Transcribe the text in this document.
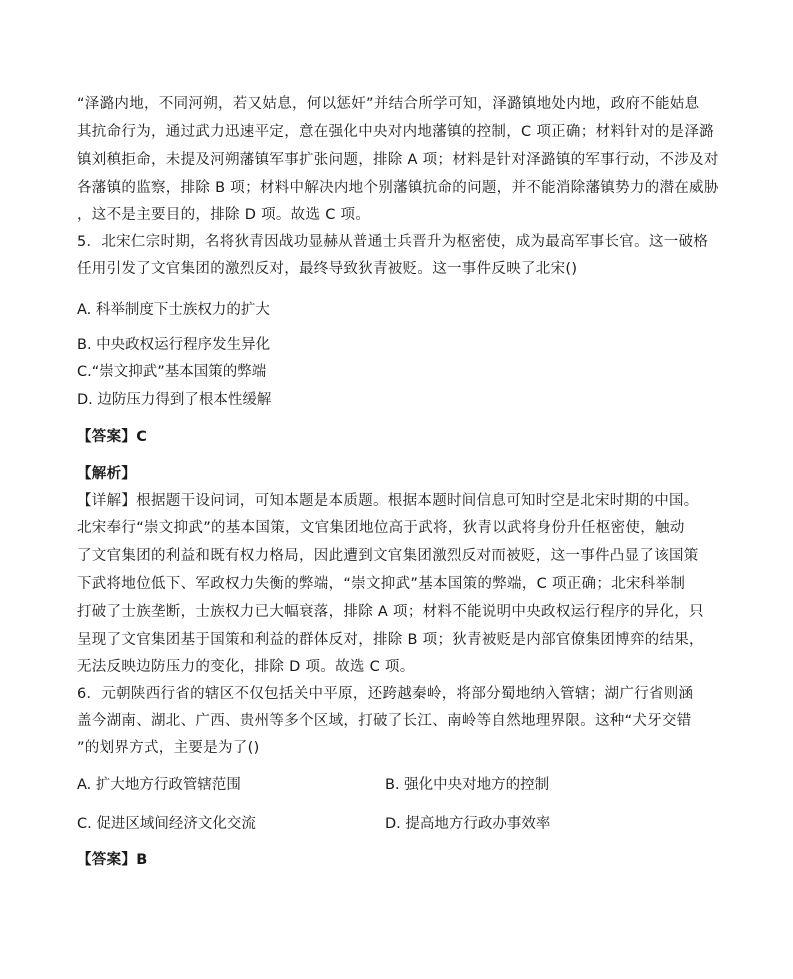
“泽潞内地，不同河朔，若又姑息，何以惩奸”并结合所学可知，泽潞镇地处内地，政府不能姑息
其抗命行为，通过武力迅速平定，意在强化中央对内地藩镇的控制，C 项正确；材料针对的是泽潞
镇刘稹拒命，未提及河朔藩镇军事扩张问题，排除 A 项；材料是针对泽潞镇的军事行动，不涉及对
各藩镇的监察，排除 B 项；材料中解决内地个别藩镇抗命的问题，并不能消除藩镇势力的潜在威胁
，这不是主要目的，排除 D 项。故选 C 项。
5．北宋仁宗时期，名将狄青因战功显赫从普通士兵晋升为枢密使，成为最高军事长官。这一破格
任用引发了文官集团的激烈反对，最终导致狄青被贬。这一事件反映了北宋()
A. 科举制度下士族权力的扩大
B. 中央政权运行程序发生异化
C.“崇文抑武”基本国策的弊端
D. 边防压力得到了根本性缓解
【答案】C
【解析】
【详解】根据题干设问词，可知本题是本质题。根据本题时间信息可知时空是北宋时期的中国。
北宋奉行“崇文抑武”的基本国策，文官集团地位高于武将，狄青以武将身份升任枢密使，触动
了文官集团的利益和既有权力格局，因此遭到文官集团激烈反对而被贬，这一事件凸显了该国策
下武将地位低下、军政权力失衡的弊端，“崇文抑武”基本国策的弊端，C 项正确；北宋科举制
打破了士族垄断，士族权力已大幅衰落，排除 A 项；材料不能说明中央政权运行程序的异化，只
呈现了文官集团基于国策和利益的群体反对，排除 B 项；狄青被贬是内部官僚集团博弈的结果，
无法反映边防压力的变化，排除 D 项。故选 C 项。
6．元朝陕西行省的辖区不仅包括关中平原，还跨越秦岭，将部分蜀地纳入管辖；湖广行省则涵
盖今湖南、湖北、广西、贵州等多个区域，打破了长江、南岭等自然地理界限。这种“犬牙交错
”的划界方式，主要是为了()
A. 扩大地方行政管辖范围	B. 强化中央对地方的控制
C. 促进区域间经济文化交流	D. 提高地方行政办事效率
【答案】B
